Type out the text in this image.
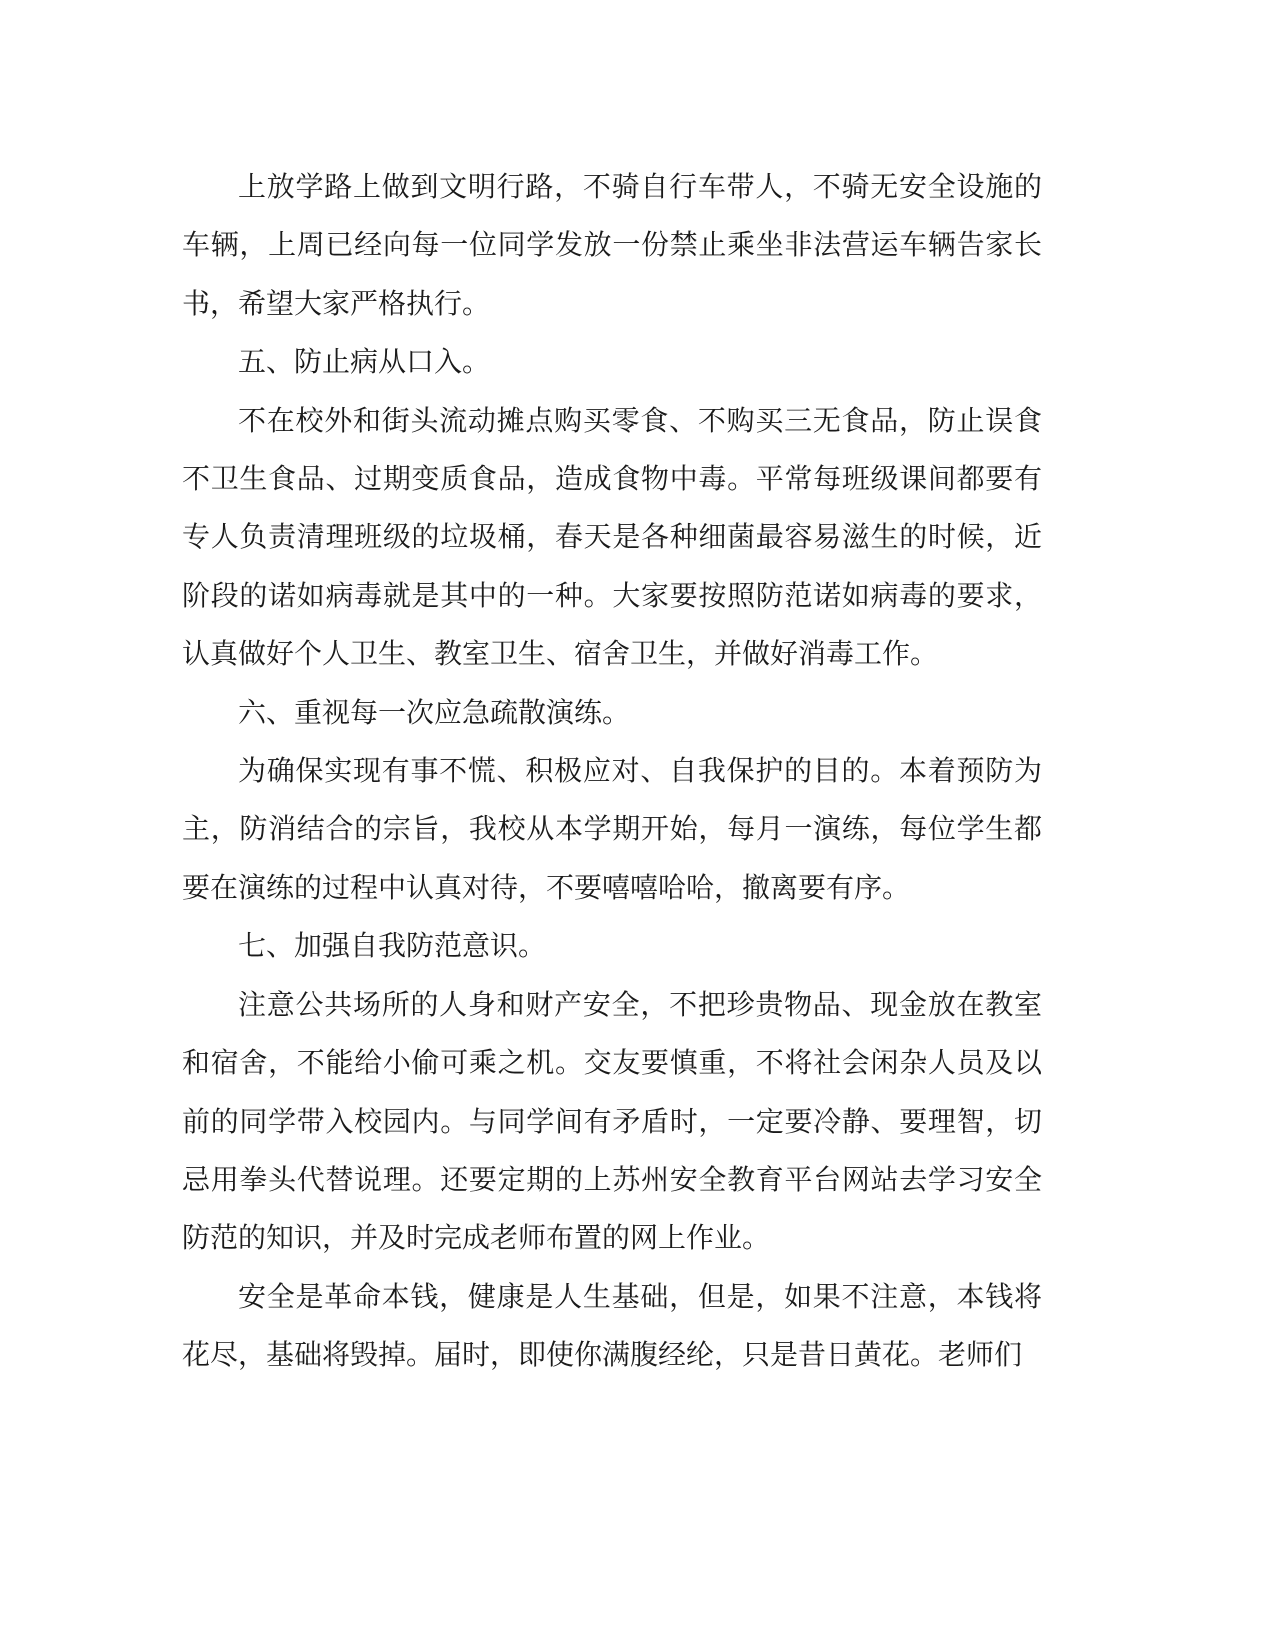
上放学路上做到文明行路，不骑自行车带人，不骑无安全设施的车辆，上周已经向每一位同学发放一份禁止乘坐非法营运车辆告家长书，希望大家严格执行。

五、防止病从口入。

不在校外和街头流动摊点购买零食、不购买三无食品，防止误食不卫生食品、过期变质食品，造成食物中毒。平常每班级课间都要有专人负责清理班级的垃圾桶，春天是各种细菌最容易滋生的时候，近阶段的诺如病毒就是其中的一种。大家要按照防范诺如病毒的要求，认真做好个人卫生、教室卫生、宿舍卫生，并做好消毒工作。

六、重视每一次应急疏散演练。

为确保实现有事不慌、积极应对、自我保护的目的。本着预防为主，防消结合的宗旨，我校从本学期开始，每月一演练，每位学生都要在演练的过程中认真对待，不要嘻嘻哈哈，撤离要有序。

七、加强自我防范意识。

注意公共场所的人身和财产安全，不把珍贵物品、现金放在教室和宿舍，不能给小偷可乘之机。交友要慎重，不将社会闲杂人员及以前的同学带入校园内。与同学间有矛盾时，一定要冷静、要理智，切忌用拳头代替说理。还要定期的上苏州安全教育平台网站去学习安全防范的知识，并及时完成老师布置的网上作业。

安全是革命本钱，健康是人生基础，但是，如果不注意，本钱将花尽，基础将毁掉。届时，即使你满腹经纶，只是昔日黄花。老师们
